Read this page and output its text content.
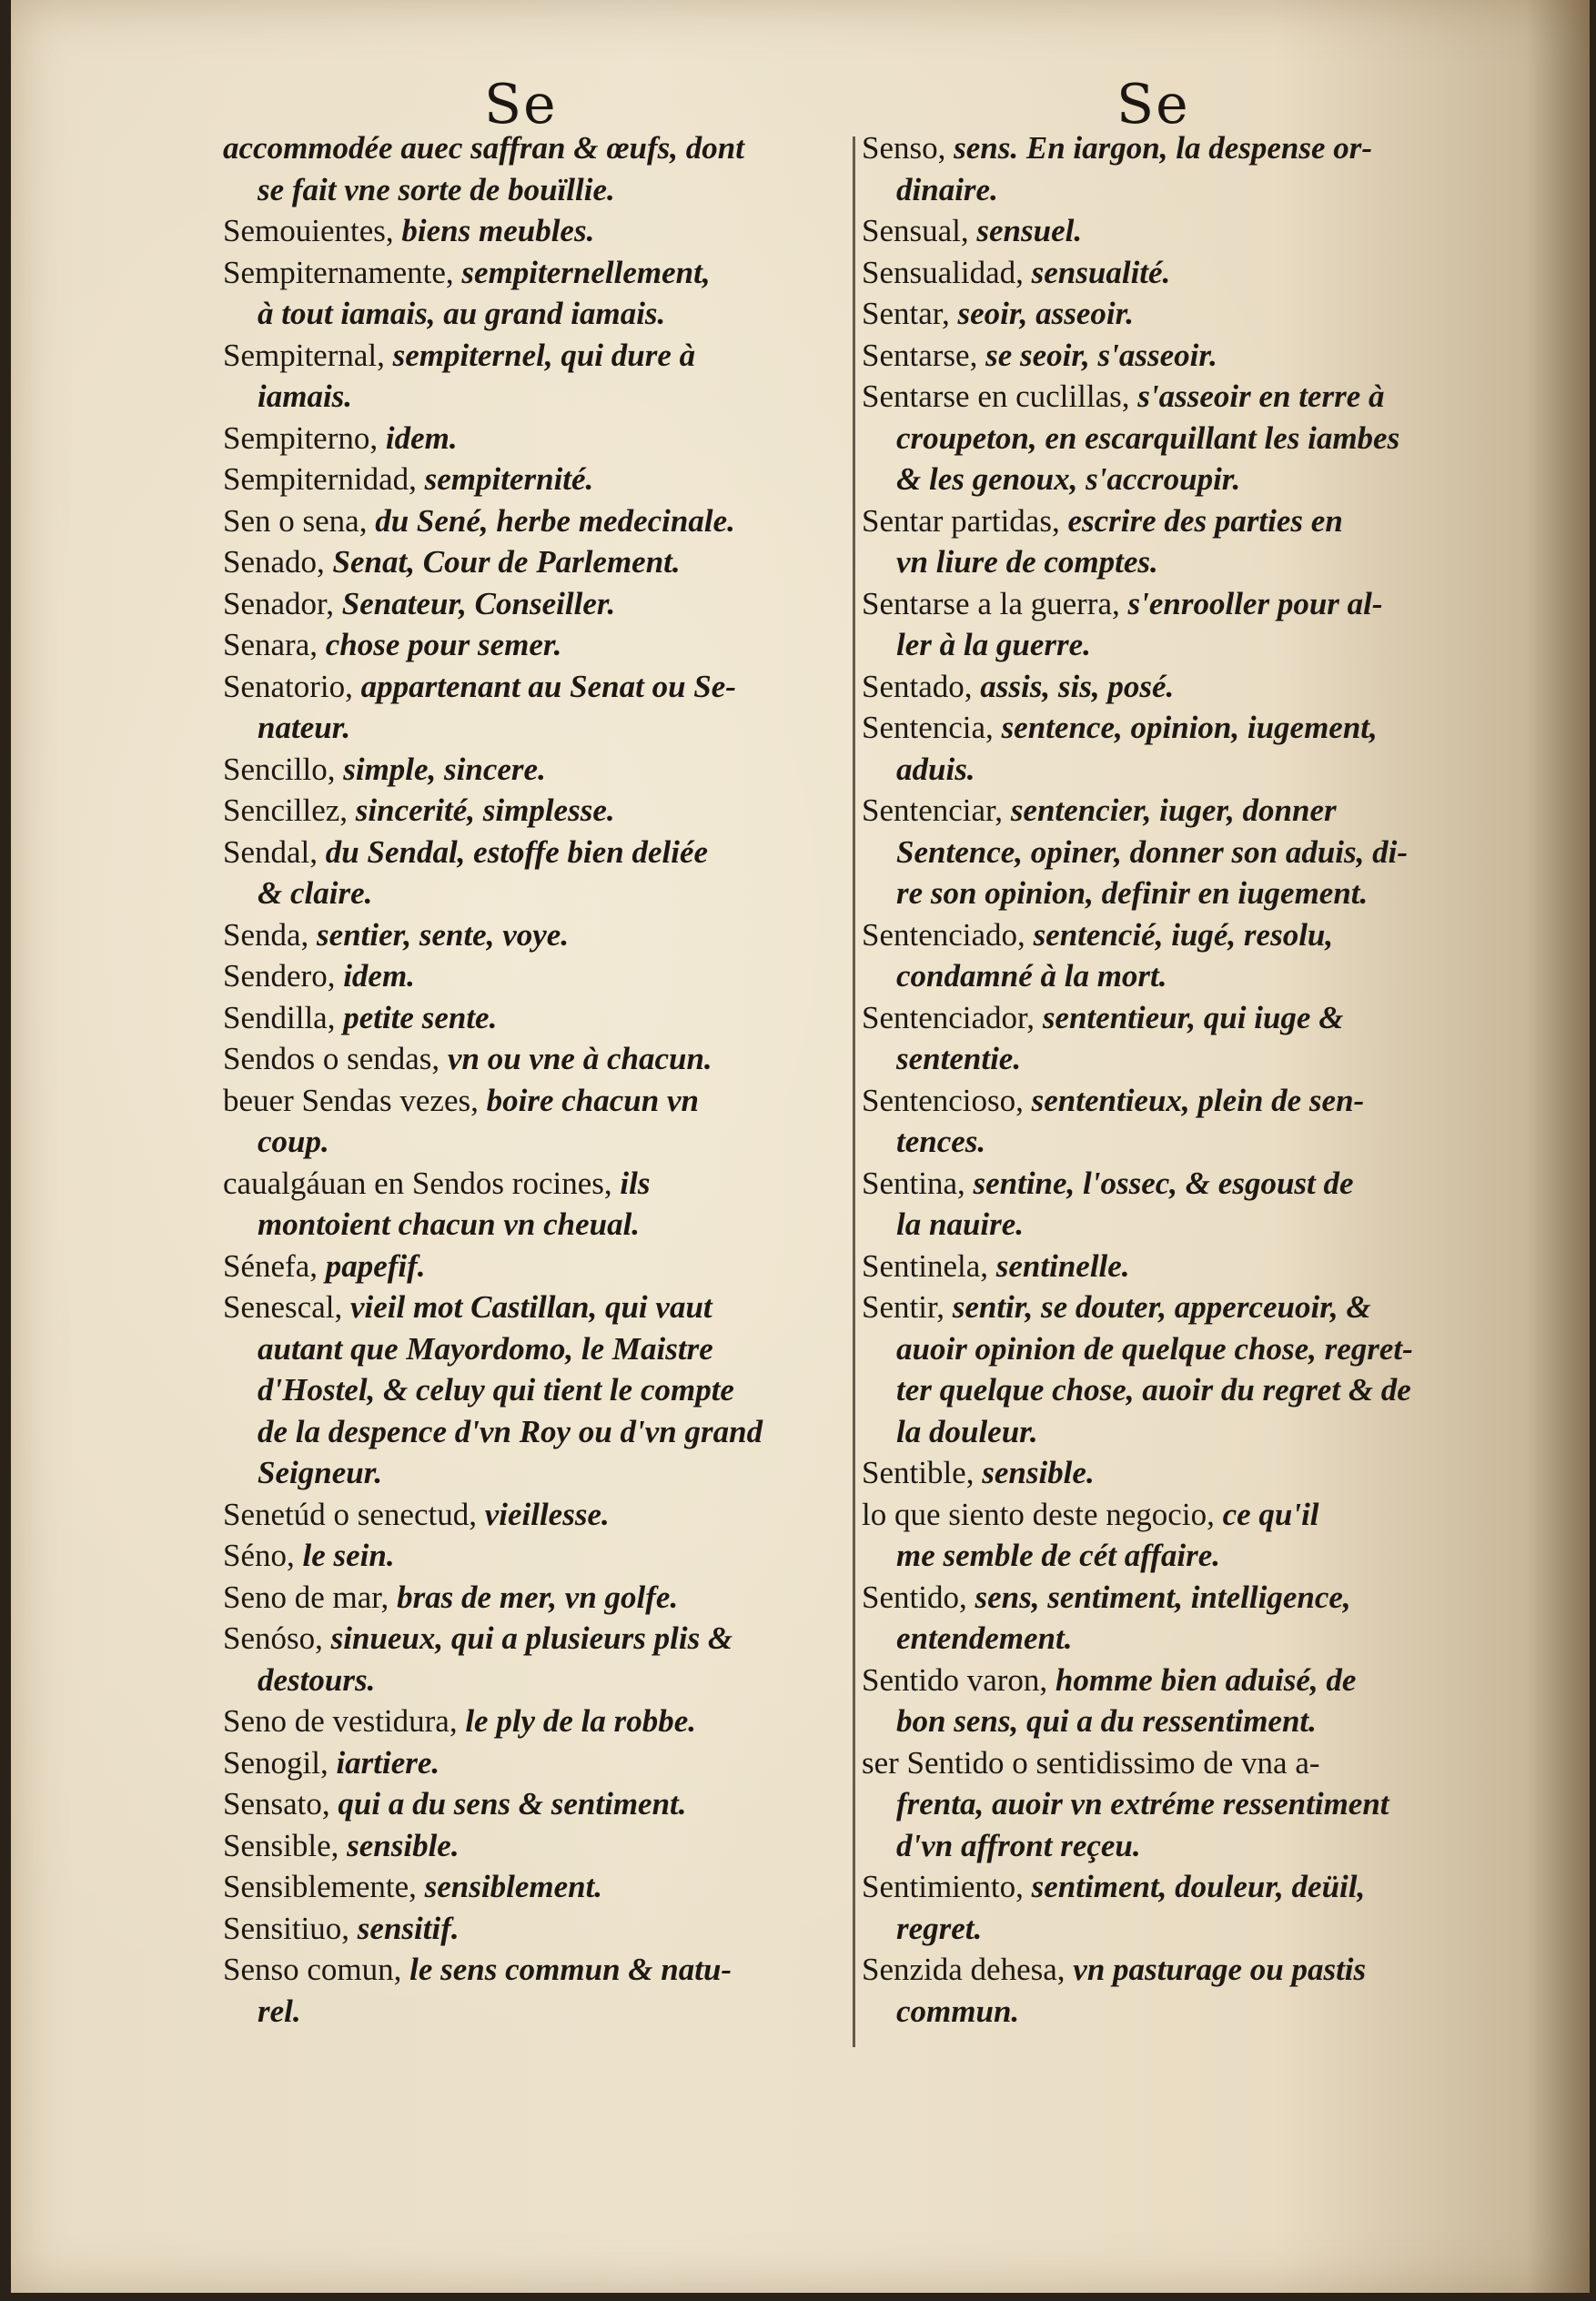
Se	Se
accommodée auec saffran & œufs, dont
se fait vne sorte de bouïllie.
Semouientes, biens meubles.
Sempiternamente, sempiternellement,
à tout iamais, au grand iamais.
Sempiternal, sempiternel, qui dure à
iamais.
Sempiterno, idem.
Sempiternidad, sempiternité.
Sen o sena, du Sené, herbe medecinale.
Senado, Senat, Cour de Parlement.
Senador, Senateur, Conseiller.
Senara, chose pour semer.
Senatorio, appartenant au Senat ou Se-
nateur.
Sencillo, simple, sincere.
Sencillez, sincerité, simplesse.
Sendal, du Sendal, estoffe bien deliée
& claire.
Senda, sentier, sente, voye.
Sendero, idem.
Sendilla, petite sente.
Sendos o sendas, vn ou vne à chacun.
beuer Sendas vezes, boire chacun vn
coup.
caualgáuan en Sendos rocines, ils
montoient chacun vn cheual.
Sénefa, papefif.
Senescal, vieil mot Castillan, qui vaut
autant que Mayordomo, le Maistre
d'Hostel, & celuy qui tient le compte
de la despence d'vn Roy ou d'vn grand
Seigneur.
Senetúd o senectud, vieillesse.
Séno, le sein.
Seno de mar, bras de mer, vn golfe.
Senóso, sinueux, qui a plusieurs plis &
destours.
Seno de vestidura, le ply de la robbe.
Senogil, iartiere.
Sensato, qui a du sens & sentiment.
Sensible, sensible.
Sensiblemente, sensiblement.
Sensitiuo, sensitif.
Senso comun, le sens commun & natu-
rel.
Senso, sens. En iargon, la despense or-
dinaire.
Sensual, sensuel.
Sensualidad, sensualité.
Sentar, seoir, asseoir.
Sentarse, se seoir, s'asseoir.
Sentarse en cuclillas, s'asseoir en terre à
croupeton, en escarquillant les iambes
& les genoux, s'accroupir.
Sentar partidas, escrire des parties en
vn liure de comptes.
Sentarse a la guerra, s'enrooller pour al-
ler à la guerre.
Sentado, assis, sis, posé.
Sentencia, sentence, opinion, iugement,
aduis.
Sentenciar, sentencier, iuger, donner
Sentence, opiner, donner son aduis, di-
re son opinion, definir en iugement.
Sentenciado, sentencié, iugé, resolu,
condamné à la mort.
Sentenciador, sententieur, qui iuge &
sententie.
Sentencioso, sententieux, plein de sen-
tences.
Sentina, sentine, l'ossec, & esgoust de
la nauire.
Sentinela, sentinelle.
Sentir, sentir, se douter, apperceuoir, &
auoir opinion de quelque chose, regret-
ter quelque chose, auoir du regret & de
la douleur.
Sentible, sensible.
lo que siento deste negocio, ce qu'il
me semble de cét affaire.
Sentido, sens, sentiment, intelligence,
entendement.
Sentido varon, homme bien aduisé, de
bon sens, qui a du ressentiment.
ser Sentido o sentidissimo de vna a-
frenta, auoir vn extréme ressentiment
d'vn affront reçeu.
Sentimiento, sentiment, douleur, deüil,
regret.
Senzida dehesa, vn pasturage ou pastis
commun.
